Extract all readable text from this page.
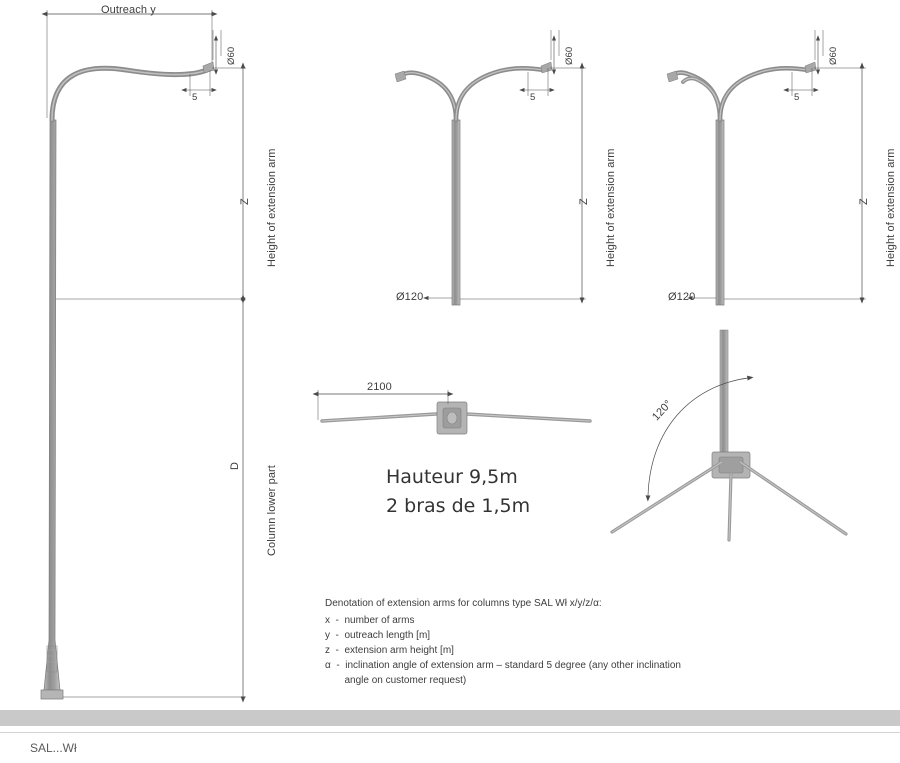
Outreach y
Z Height of extension arm
D Column lower part
Ø60
5
Z Height of extension arm
Ø120
Ø60
5
Z Height of extension arm
Ø120
Ø60
5
2100
120°
Hauteur 9,5m
2 bras de 1,5m
Denotation of extension arms for columns type SAL Wł x/y/z/α:
x  -  number of arms
y  -  outreach length [m]
z  -  extension arm height [m]
α  -  inclination angle of extension arm – standard 5 degree (any other inclination
angle on customer request)
SAL...Wł
